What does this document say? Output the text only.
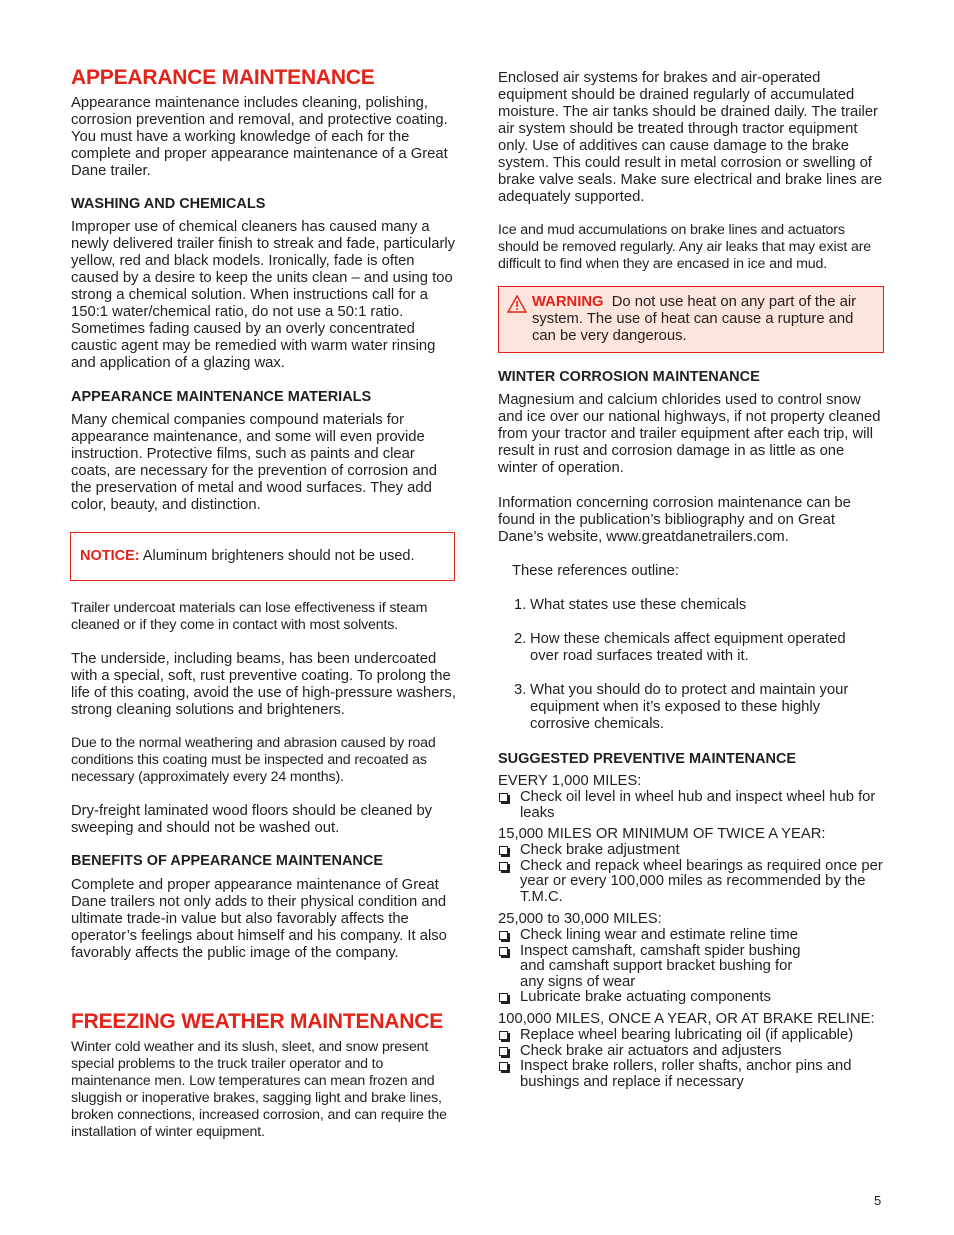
APPEARANCE MAINTENANCE

Appearance maintenance includes cleaning, polishing, corrosion prevention and removal, and protective coating. You must have a working knowledge of each for the complete and proper appearance maintenance of a Great Dane trailer.

WASHING AND CHEMICALS

Improper use of chemical cleaners has caused many a newly delivered trailer finish to streak and fade, particularly yellow, red and black models. Ironically, fade is often caused by a desire to keep the units clean – and using too strong a chemical solution. When instructions call for a 150:1 water/chemical ratio, do not use a 50:1 ratio. Sometimes fading caused by an overly concentrated caustic agent may be remedied with warm water rinsing and application of a glazing wax.

APPEARANCE MAINTENANCE MATERIALS

Many chemical companies compound materials for appearance maintenance, and some will even provide instruction. Protective films, such as paints and clear coats, are necessary for the prevention of corrosion and the preservation of metal and wood surfaces. They add color, beauty, and distinction.

NOTICE: Aluminum brighteners should not be used.

Trailer undercoat materials can lose effectiveness if steam cleaned or if they come in contact with most solvents.

The underside, including beams, has been undercoated with a special, soft, rust preventive coating. To prolong the life of this coating, avoid the use of high-pressure washers, strong cleaning solutions and brighteners.

Due to the normal weathering and abrasion caused by road conditions this coating must be inspected and recoated as necessary (approximately every 24 months).

Dry-freight laminated wood floors should be cleaned by sweeping and should not be washed out.

BENEFITS OF APPEARANCE MAINTENANCE

Complete and proper appearance maintenance of Great Dane trailers not only adds to their physical condition and ultimate trade-in value but also favorably affects the operator’s feelings about himself and his company. It also favorably affects the public image of the company.

FREEZING WEATHER MAINTENANCE

Winter cold weather and its slush, sleet, and snow present special problems to the truck trailer operator and to maintenance men. Low temperatures can mean frozen and sluggish or inoperative brakes, sagging light and brake lines, broken connections, increased corrosion, and can require the installation of winter equipment.

Enclosed air systems for brakes and air-operated equipment should be drained regularly of accumulated moisture. The air tanks should be drained daily. The trailer air system should be treated through tractor equipment only. Use of additives can cause damage to the brake system. This could result in metal corrosion or swelling of brake valve seals. Make sure electrical and brake lines are adequately supported.

Ice and mud accumulations on brake lines and actuators should be removed regularly. Any air leaks that may exist are difficult to find when they are encased in ice and mud.

WARNING Do not use heat on any part of the air system. The use of heat can cause a rupture and can be very dangerous.

WINTER CORROSION MAINTENANCE

Magnesium and calcium chlorides used to control snow and ice over our national highways, if not property cleaned from your tractor and trailer equipment after each trip, will result in rust and corrosion damage in as little as one winter of operation.

Information concerning corrosion maintenance can be found in the publication’s bibliography and on Great Dane’s website, www.greatdanetrailers.com.

These references outline:

1. What states use these chemicals
2. How these chemicals affect equipment operated over road surfaces treated with it.
3. What you should do to protect and maintain your equipment when it’s exposed to these highly corrosive chemicals.
SUGGESTED PREVENTIVE MAINTENANCE

EVERY 1,000 MILES:

Check oil level in wheel hub and inspect wheel hub for leaks

15,000 MILES OR MINIMUM OF TWICE A YEAR:

Check brake adjustment

Check and repack wheel bearings as required once per year or every 100,000 miles as recommended by the T.M.C.

25,000 to 30,000 MILES:

Check lining wear and estimate reline time

Inspect camshaft, camshaft spider bushing and camshaft support bracket bushing for any signs of wear

Lubricate brake actuating components

100,000 MILES, ONCE A YEAR, OR AT BRAKE RELINE:

Replace wheel bearing lubricating oil (if applicable)

Check brake air actuators and adjusters

Inspect brake rollers, roller shafts, anchor pins and bushings and replace if necessary

5
